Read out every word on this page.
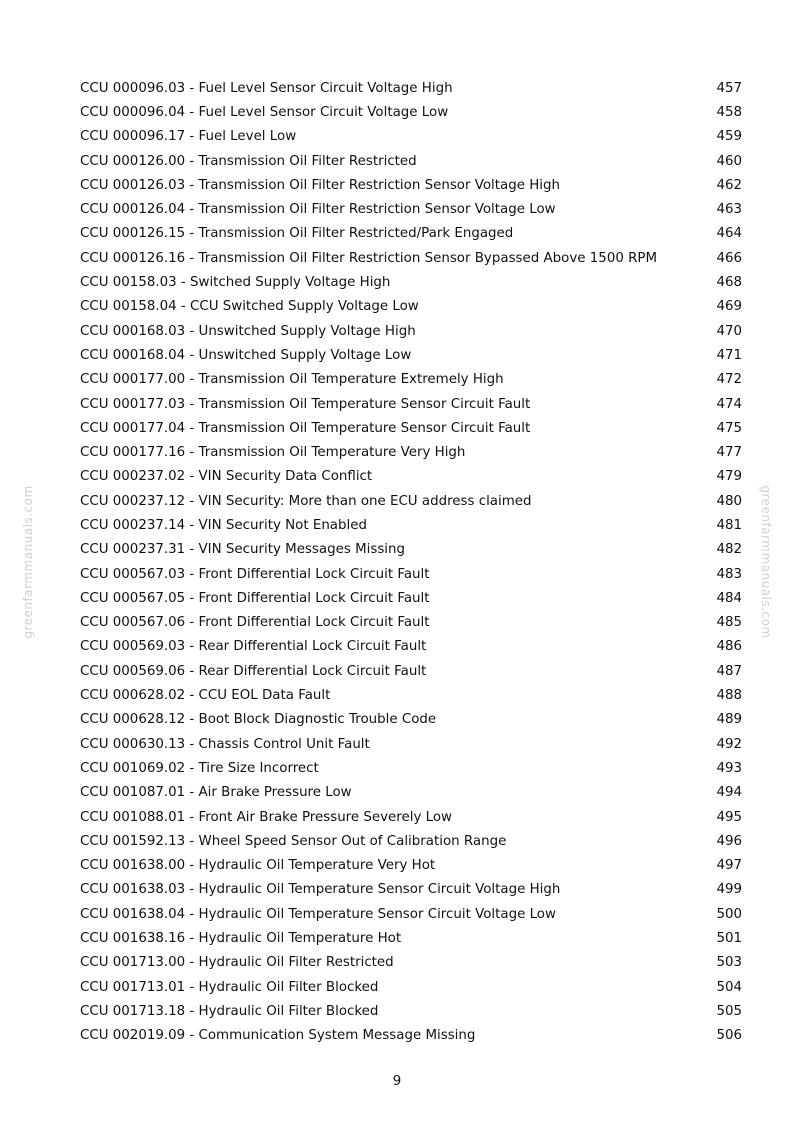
greenfarmmanuals.com	greenfarmmanuals.com
CCU 000096.03 - Fuel Level Sensor Circuit Voltage High	457
CCU 000096.04 - Fuel Level Sensor Circuit Voltage Low	458
CCU 000096.17 - Fuel Level Low	459
CCU 000126.00 - Transmission Oil Filter Restricted	460
CCU 000126.03 - Transmission Oil Filter Restriction Sensor Voltage High	462
CCU 000126.04 - Transmission Oil Filter Restriction Sensor Voltage Low	463
CCU 000126.15 - Transmission Oil Filter Restricted/Park Engaged	464
CCU 000126.16 - Transmission Oil Filter Restriction Sensor Bypassed Above 1500 RPM	466
CCU 00158.03 - Switched Supply Voltage High	468
CCU 00158.04 - CCU Switched Supply Voltage Low	469
CCU 000168.03 - Unswitched Supply Voltage High	470
CCU 000168.04 - Unswitched Supply Voltage Low	471
CCU 000177.00 - Transmission Oil Temperature Extremely High	472
CCU 000177.03 - Transmission Oil Temperature Sensor Circuit Fault	474
CCU 000177.04 - Transmission Oil Temperature Sensor Circuit Fault	475
CCU 000177.16 - Transmission Oil Temperature Very High	477
CCU 000237.02 - VIN Security Data Conflict	479
CCU 000237.12 - VIN Security: More than one ECU address claimed	480
CCU 000237.14 - VIN Security Not Enabled	481
CCU 000237.31 - VIN Security Messages Missing	482
CCU 000567.03 - Front Differential Lock Circuit Fault	483
CCU 000567.05 - Front Differential Lock Circuit Fault	484
CCU 000567.06 - Front Differential Lock Circuit Fault	485
CCU 000569.03 - Rear Differential Lock Circuit Fault	486
CCU 000569.06 - Rear Differential Lock Circuit Fault	487
CCU 000628.02 - CCU EOL Data Fault	488
CCU 000628.12 - Boot Block Diagnostic Trouble Code	489
CCU 000630.13 - Chassis Control Unit Fault	492
CCU 001069.02 - Tire Size Incorrect	493
CCU 001087.01 - Air Brake Pressure Low	494
CCU 001088.01 - Front Air Brake Pressure Severely Low	495
CCU 001592.13 - Wheel Speed Sensor Out of Calibration Range	496
CCU 001638.00 - Hydraulic Oil Temperature Very Hot	497
CCU 001638.03 - Hydraulic Oil Temperature Sensor Circuit Voltage High	499
CCU 001638.04 - Hydraulic Oil Temperature Sensor Circuit Voltage Low	500
CCU 001638.16 - Hydraulic Oil Temperature Hot	501
CCU 001713.00 - Hydraulic Oil Filter Restricted	503
CCU 001713.01 - Hydraulic Oil Filter Blocked	504
CCU 001713.18 - Hydraulic Oil Filter Blocked	505
CCU 002019.09 - Communication System Message Missing	506
9
